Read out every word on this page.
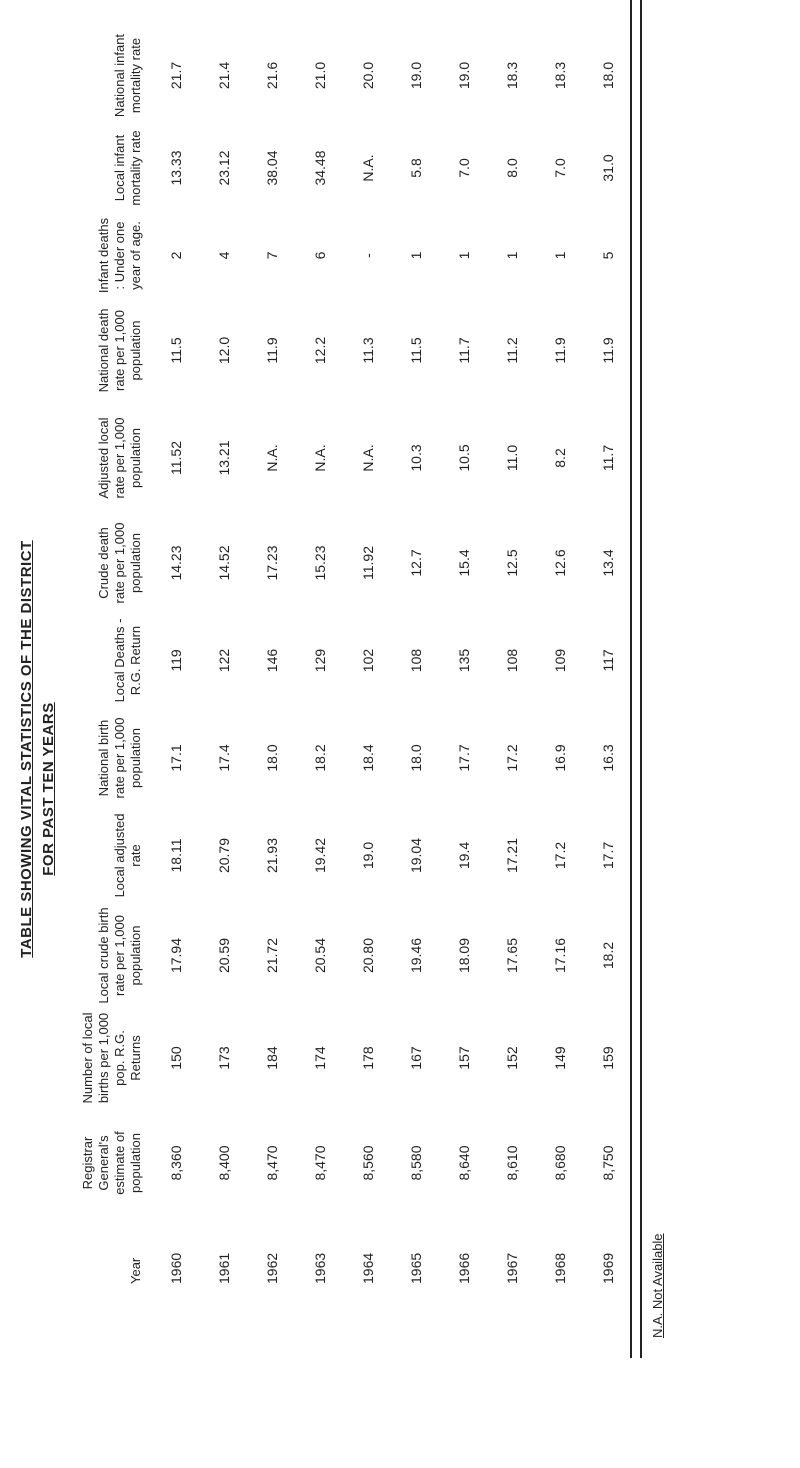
TABLE SHOWING VITAL STATISTICS OF THE DISTRICT FOR PAST TEN YEARS
Year	Registrar General's estimate of population	Number of local births per 1,000 pop. R.G. Returns	Local crude birth rate per 1,000 population	Local adjusted rate	National birth rate per 1,000 population	Local Deaths - R.G. Return	Crude death rate per 1,000 population	Adjusted local rate per 1,000 population	National death rate per 1,000 population	Infant deaths : Under one year of age.	Local infant mortality rate	National infant mortality rate
1960	8,360	150	17.94	18.11	17.1	119	14.23	11.52	11.5	2	13.33	21.7
1961	8,400	173	20.59	20.79	17.4	122	14.52	13.21	12.0	4	23.12	21.4
1962	8,470	184	21.72	21.93	18.0	146	17.23	N.A.	11.9	7	38.04	21.6
1963	8,470	174	20.54	19.42	18.2	129	15.23	N.A.	12.2	6	34.48	21.0
1964	8,560	178	20.80	19.0	18.4	102	11.92	N.A.	11.3	-	N.A.	20.0
1965	8,580	167	19.46	19.04	18.0	108	12.7	10.3	11.5	1	5.8	19.0
1966	8,640	157	18.09	19.4	17.7	135	15.4	10.5	11.7	1	7.0	19.0
1967	8,610	152	17.65	17.21	17.2	108	12.5	11.0	11.2	1	8.0	18.3
1968	8,680	149	17.16	17.2	16.9	109	12.6	8.2	11.9	1	7.0	18.3
1969	8,750	159	18.2	17.7	16.3	117	13.4	11.7	11.9	5	31.0	18.0
N.A. Not Available
